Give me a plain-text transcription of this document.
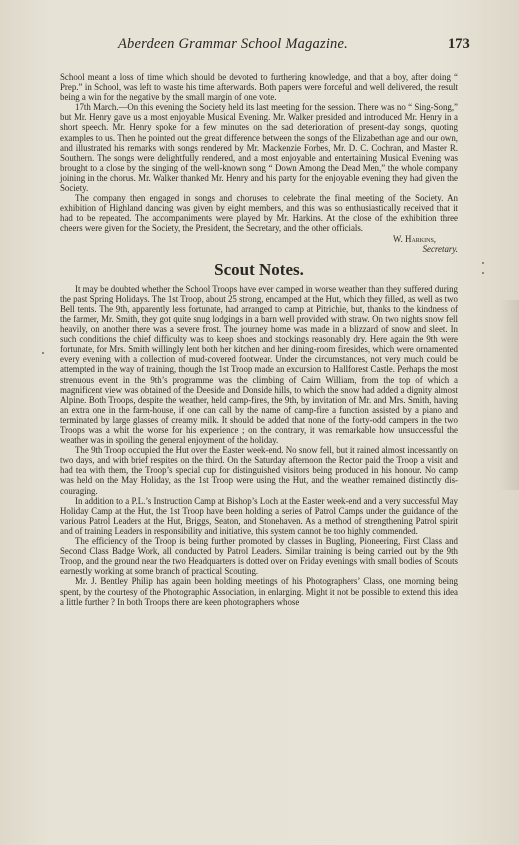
Aberdeen Grammar School Magazine.	173

School meant a loss of time which should be devoted to furthering knowledge, and that a boy, after doing “ Prep.” in School, was left to waste his time afterwards. Both papers were forceful and well delivered, the result being a win for the negative by the small margin of one vote.

17th March.—On this evening the Society held its last meeting for the session. There was no “ Sing-Song,” but Mr. Henry gave us a most enjoyable Musical Evening. Mr. Walker presided and introduced Mr. Henry in a short speech. Mr. Henry spoke for a few minutes on the sad deterioration of present-day songs, quoting examples to us. Then he pointed out the great difference between the songs of the Elizabethan age and our own, and illustrated his remarks with songs rendered by Mr. Mackenzie Forbes, Mr. D. C. Cochran, and Master R. Southern. The songs were delightfully rendered, and a most enjoyable and entertaining Musical Evening was brought to a close by the singing of the well-known song “ Down Among the Dead Men,” the whole company joining in the chorus. Mr. Walker thanked Mr. Henry and his party for the enjoyable evening they had given the Society.

The company then engaged in songs and choruses to celebrate the final meeting of the Society. An exhibition of Highland dancing was given by eight members, and this was so enthusiastically received that it had to be repeated. The accompaniments were played by Mr. Harkins. At the close of the exhibition three cheers were given for the Society, the President, the Secretary, and the other officials.

W. Harkins,

Secretary.

Scout Notes.

It may be doubted whether the School Troops have ever camped in worse weather than they suffered during the past Spring Holidays. The 1st Troop, about 25 strong, encamped at the Hut, which they filled, as well as two Bell tents. The 9th, apparently less fortunate, had arranged to camp at Pitrichie, but, thanks to the kindness of the farmer, Mr. Smith, they got quite snug lodgings in a barn well provided with straw. On two nights snow fell heavily, on another there was a severe frost. The journey home was made in a blizzard of snow and sleet. In such conditions the chief difficulty was to keep shoes and stockings reasonably dry. Here again the 9th were fortunate, for Mrs. Smith willingly lent both her kitchen and her dining-room firesides, which were ornamented every evening with a collection of mud-covered footwear. Under the circumstances, not very much could be attempted in the way of training, though the 1st Troop made an excursion to Hallforest Castle. Perhaps the most strenuous event in the 9th’s programme was the climbing of Cairn William, from the top of which a magnificent view was obtained of the Deeside and Donside hills, to which the snow had added a dignity almost Alpine. Both Troops, despite the weather, held camp-fires, the 9th, by invitation of Mr. and Mrs. Smith, having an extra one in the farm-house, if one can call by the name of camp-fire a function assisted by a piano and terminated by large glasses of creamy milk. It should be added that none of the forty-odd campers in the two Troops was a whit the worse for his experience ; on the contrary, it was remarkable how unsuccessful the weather was in spoiling the general enjoyment of the holiday.

The 9th Troop occupied the Hut over the Easter week-end. No snow fell, but it rained almost incessantly on two days, and with brief respites on the third. On the Saturday afternoon the Rector paid the Troop a visit and had tea with them, the Troop’s special cup for distinguished visitors being produced in his honour. No camp was held on the May Holiday, as the 1st Troop were using the Hut, and the weather remained distinctly dis-couraging.

In addition to a P.L.’s Instruction Camp at Bishop’s Loch at the Easter week-end and a very successful May Holiday Camp at the Hut, the 1st Troop have been holding a series of Patrol Camps under the guidance of the various Patrol Leaders at the Hut, Briggs, Seaton, and Stonehaven. As a method of strengthening Patrol spirit and of training Leaders in responsibility and initiative, this system cannot be too highly commended.

The efficiency of the Troop is being further promoted by classes in Bugling, Pioneering, First Class and Second Class Badge Work, all conducted by Patrol Leaders. Similar training is being carried out by the 9th Troop, and the ground near the two Headquarters is dotted over on Friday evenings with small bodies of Scouts earnestly working at some branch of practical Scouting.

Mr. J. Bentley Philip has again been holding meetings of his Photographers’ Class, one morning being spent, by the courtesy of the Photographic Association, in enlarging. Might it not be possible to extend this idea a little further ? In both Troops there are keen photographers whose
